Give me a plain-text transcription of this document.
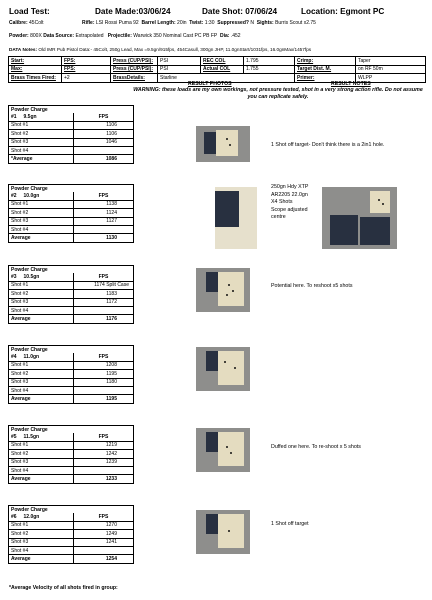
Load Test:	Date Made:03/06/24	Date Shot: 07/06/24	Location: Egmont PC
Calibre: 45Colt	Rifle: LSI Rossi Puma 92 Barrel Length: 20in Twist: 1:30 Suppressed? N Sights: Burris Scout x2.75
Powder: 800X Data Source: Extrapolated Projectile: Warwick 350 Nominal Cast PC PB FP Dia: .452
DATA Notes: Old IMR Pub Pistol Data:- 45Colt, 250g Lead, Max =9.5gn/915fps, 454Casull, 300gn JHP, 11.0gnStart/1031fps, 16.0gnMax/1457fps
Start:	FPS:	Press (CUP/PSI):	PSI	REC COL	1.795	Crimp:	Taper
Max:	FPS:	Press (CUP/PSI):	PSI	Actual COL	1.755	Target Dist. M.	on RF 50m
Brass Times Fired:	+2	BrassDetails:	Starline			Primer:	WLPP
RESULT PHOTOS	RESULT NOTES
WARNING: these loads are my own workings, not pressure tested, shot in a very strong action rifle. Do not assume you can replicate safely.
Powder Charge	
#1 9.5gn	FPS
Shot #1	1106
Shot #2	1106
Shot #3	1046
Shot #4	
*Average	1086
Powder Charge	
#2 10.0gn	FPS
Shot #1	1138
Shot #2	1124
Shot #3	1127
Shot #4	
Average	1130
Powder Charge	
#3 10.5gn	FPS
Shot #1	1174 Split Case
Shot #2	1183
Shot #3	1172
Shot #4	
Average	1176
Powder Charge	
#4 11.0gn	FPS
Shot #1	1208
Shot #2	1195
Shot #3	1180
Shot #4	
Average	1195
Powder Charge	
#5 11.5gn	FPS
Shot #1	1219
Shot #2	1242
Shot #3	1239
Shot #4	
Average	1233
Powder Charge	
#6 12.0gn	FPS
Shot #1	1270
Shot #2	1249
Shot #3	1241
Shot #4	
Average	1254
1 Shot off target- Don't think there is a 2in1 hole.
250gn Hdy XTP
AR2205 22.0gn
X4 Shots
Scope adjusted
centre
Potential here. To reshoot x5 shots
Duffed one here. To re-shoot x 5 shots
1 Shot off target
*Average Velocity of all shots fired in group:
